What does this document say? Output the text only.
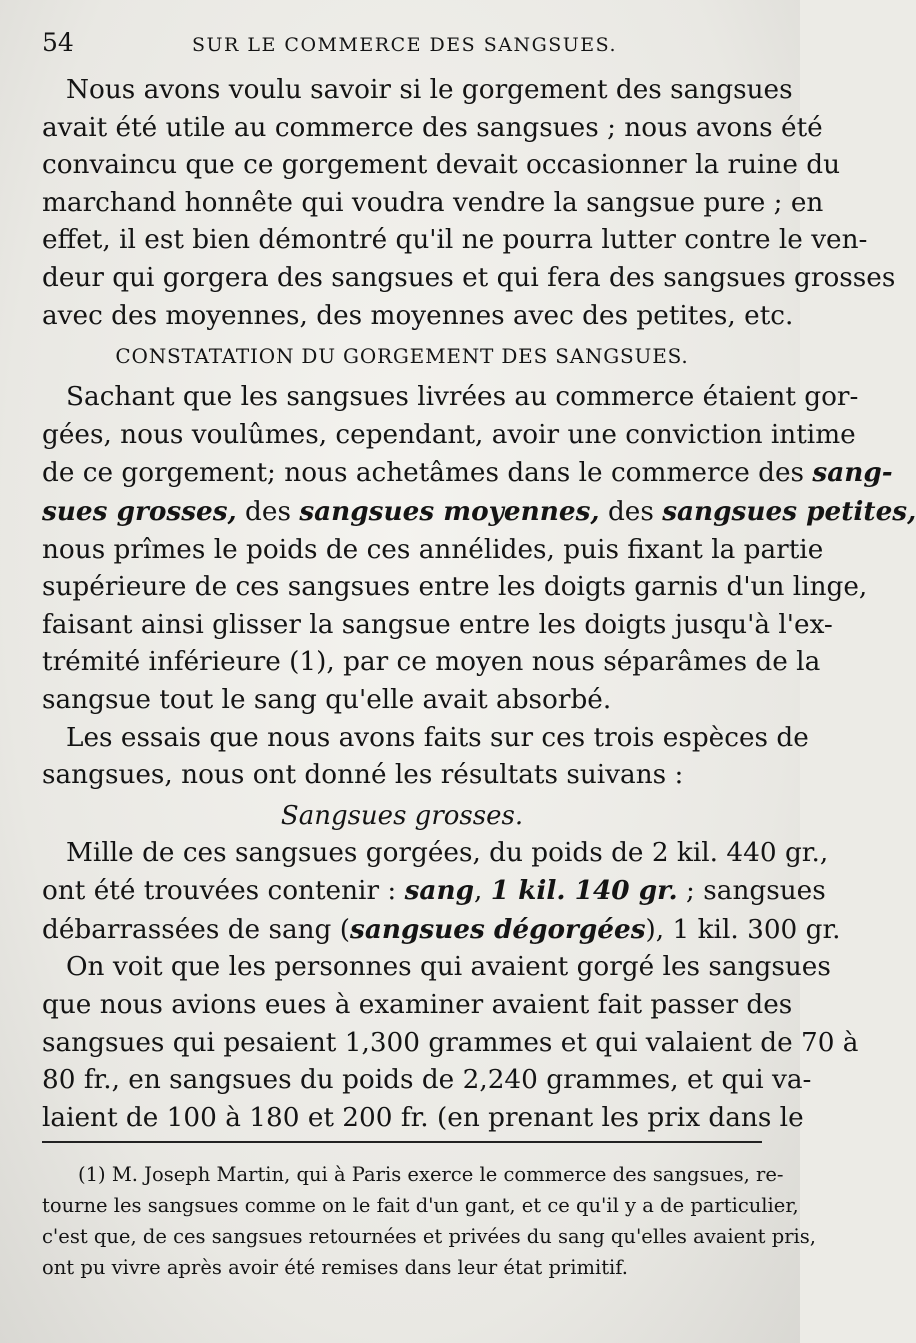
54	SUR LE COMMERCE DES SANGSUES.

Nous avons voulu savoir si le gorgement des sangsues
avait été utile au commerce des sangsues ; nous avons été
convaincu que ce gorgement devait occasionner la ruine du
marchand honnête qui voudra vendre la sangsue pure ; en
effet, il est bien démontré qu'il ne pourra lutter contre le ven-
deur qui gorgera des sangsues et qui fera des sangsues grosses
avec des moyennes, des moyennes avec des petites, etc.

CONSTATATION DU GORGEMENT DES SANGSUES.

Sachant que les sangsues livrées au commerce étaient gor-
gées, nous voulûmes, cependant, avoir une conviction intime
de ce gorgement; nous achetâmes dans le commerce des sang-
sues grosses, des sangsues moyennes, des sangsues petites,
nous prîmes le poids de ces annélides, puis fixant la partie
supérieure de ces sangsues entre les doigts garnis d'un linge,
faisant ainsi glisser la sangsue entre les doigts jusqu'à l'ex-
trémité inférieure (1), par ce moyen nous séparâmes de la
sangsue tout le sang qu'elle avait absorbé.

Les essais que nous avons faits sur ces trois espèces de
sangsues, nous ont donné les résultats suivans :

Sangsues grosses.

Mille de ces sangsues gorgées, du poids de 2 kil. 440 gr.,
ont été trouvées contenir : sang, 1 kil. 140 gr. ; sangsues
débarrassées de sang (sangsues dégorgées), 1 kil. 300 gr.

On voit que les personnes qui avaient gorgé les sangsues
que nous avions eues à examiner avaient fait passer des
sangsues qui pesaient 1,300 grammes et qui valaient de 70 à
80 fr., en sangsues du poids de 2,240 grammes, et qui va-
laient de 100 à 180 et 200 fr. (en prenant les prix dans le

(1) M. Joseph Martin, qui à Paris exerce le commerce des sangsues, re-
tourne les sangsues comme on le fait d'un gant, et ce qu'il y a de particulier,
c'est que, de ces sangsues retournées et privées du sang qu'elles avaient pris,
ont pu vivre après avoir été remises dans leur état primitif.
